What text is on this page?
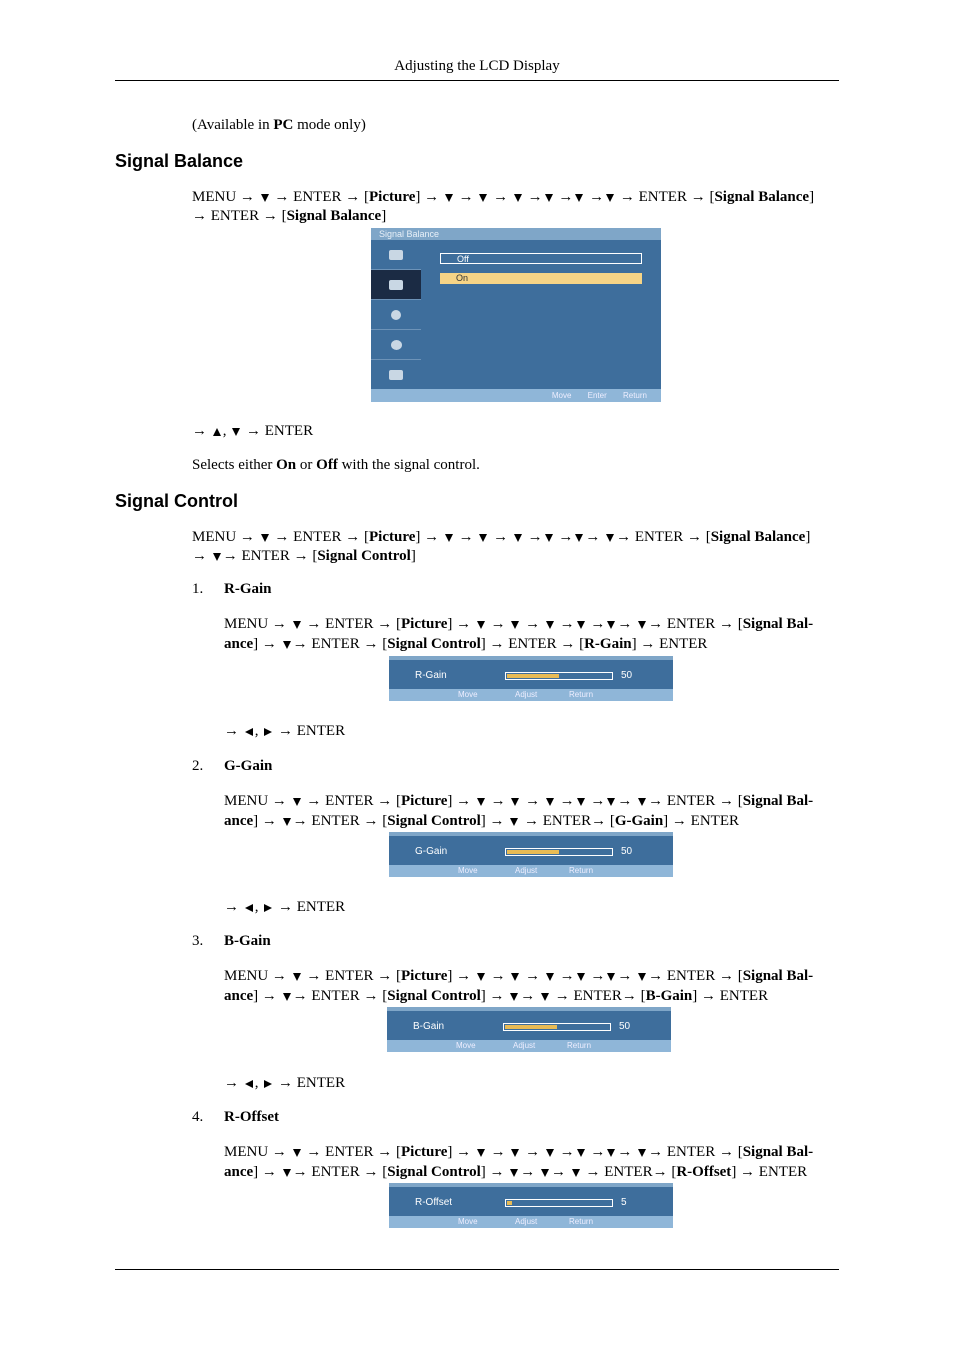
Adjusting the LCD Display
(Available in PC mode only)
Signal Balance
MENU → → ENTER → [Picture] →  →  →  → → → → ENTER → [Signal Balance]
→ ENTER → [Signal Balance]
Signal Balance
Off
On
Move Enter Return
→ , → ENTER
Selects either On or Off with the signal control.
Signal Control
MENU → → ENTER → [Picture] →  →  →  → → → → ENTER → [Signal Balance]
→ → ENTER → [Signal Control]
1. R-Gain
MENU → → ENTER → [Picture] →  →  →  → → → → ENTER → [Signal Bal-
ance] → → ENTER → [Signal Control] → ENTER → [R-Gain] → ENTER
R-Gain	50
Move	Adjust	Return
→ , → ENTER
2. G-Gain
MENU → → ENTER → [Picture] →  →  →  → → → → ENTER → [Signal Bal-
ance] → → ENTER → [Signal Control] →  → ENTER→ [G-Gain] → ENTER
G-Gain	50
Move	Adjust	Return
→ , → ENTER
3. B-Gain
MENU → → ENTER → [Picture] →  →  →  → → → → ENTER → [Signal Bal-
ance] → → ENTER → [Signal Control] → →  → ENTER→ [B-Gain] → ENTER
B-Gain	50
Move	Adjust	Return
→ , → ENTER
4. R-Offset
MENU → → ENTER → [Picture] →  →  →  → → → → ENTER → [Signal Bal-
ance] → → ENTER → [Signal Control] → → →  → ENTER→ [R-Offset] → ENTER
R-Offset	5
Move	Adjust	Return
